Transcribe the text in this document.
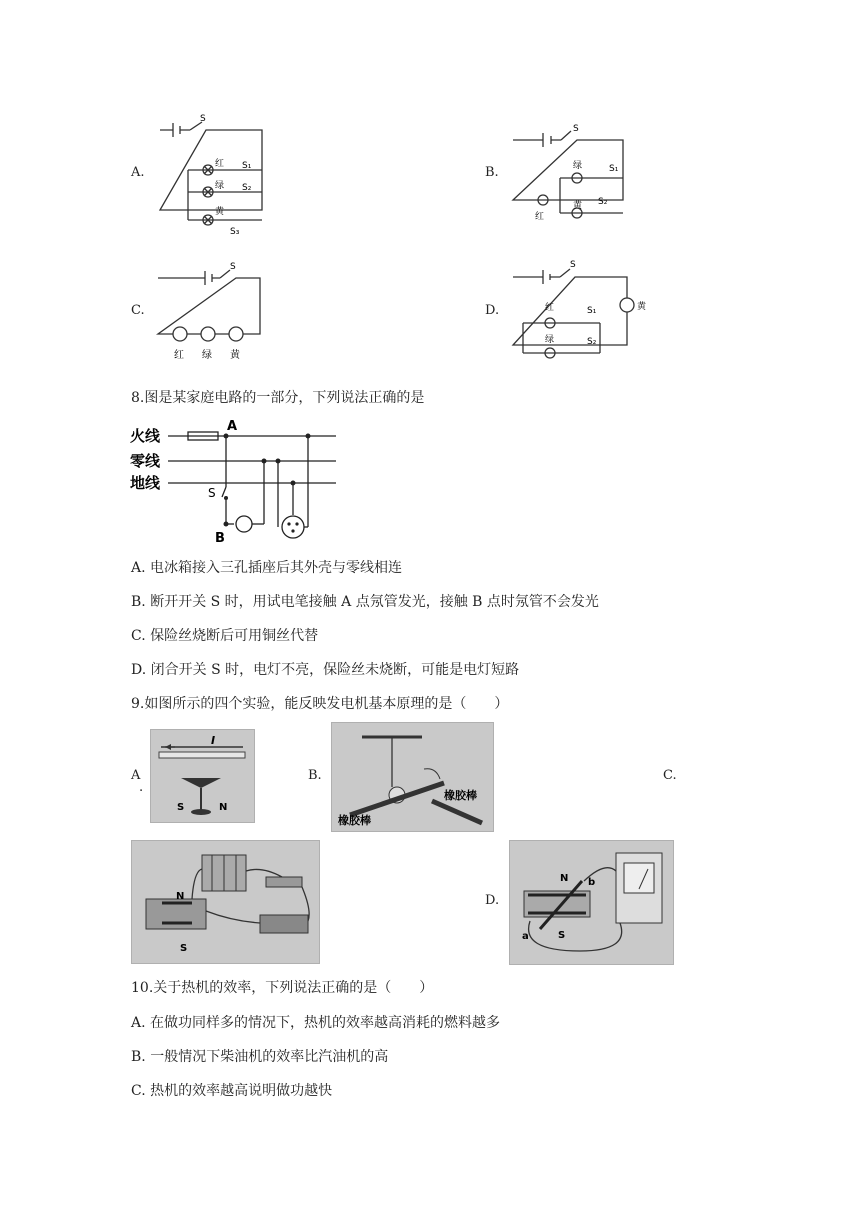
A.
S
红
绿
黄
S₁
S₂
S₃
B.
S
红
绿
黄
S₁
S₂
C.
S
红 绿 黄
D.
S
红
绿
黄
S₁
S₂
8.图是某家庭电路的一部分，下列说法正确的是
火线
零线
地线
A
B
S
A. 电冰箱接入三孔插座后其外壳与零线相连
B. 断开开关 S 时，用试电笔接触 A 点氖管发光，接触 B 点时氖管不会发光
C. 保险丝烧断后可用铜丝代替
D. 闭合开关 S 时，电灯不亮，保险丝未烧断，可能是电灯短路
9.如图所示的四个实验，能反映发电机基本原理的是（　　）
A
.
I
S	N
B.
橡胶棒
橡胶棒
C.
N
S
D.
N
S
a
b
10.关于热机的效率，下列说法正确的是（　　）
A. 在做功同样多的情况下，热机的效率越高消耗的燃料越多
B. 一般情况下柴油机的效率比汽油机的高
C. 热机的效率越高说明做功越快
